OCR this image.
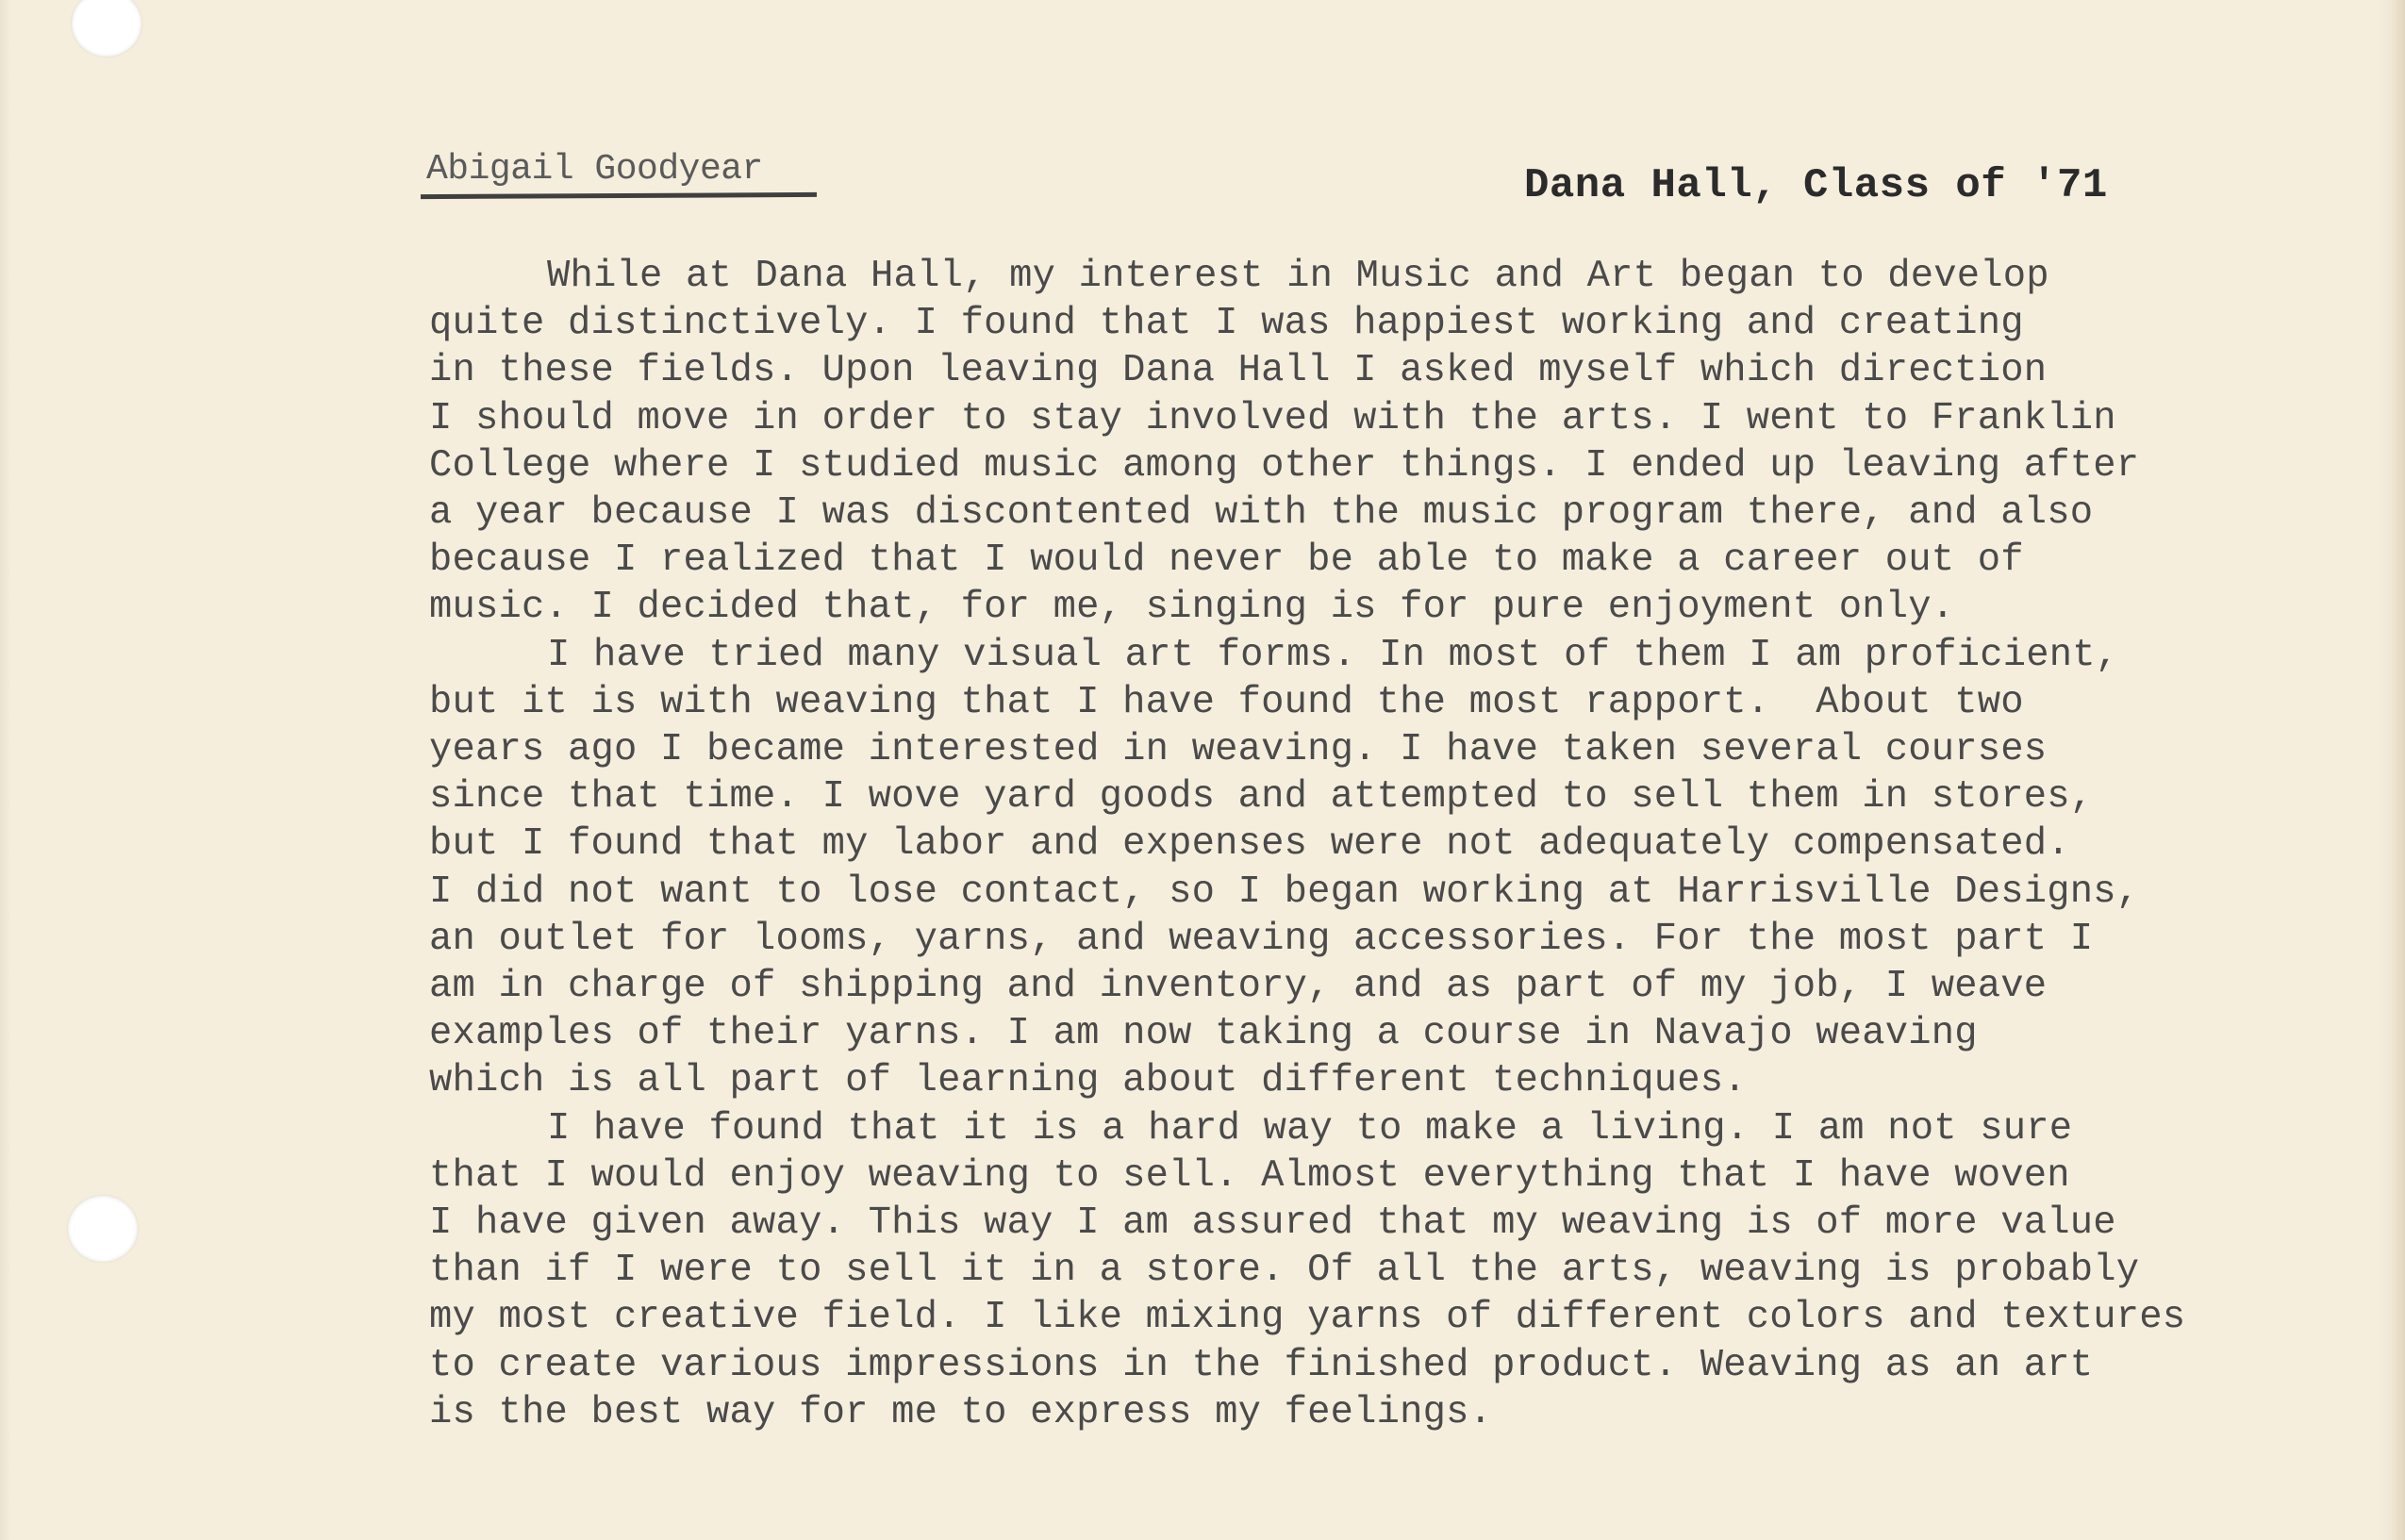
Abigail Goodyear	Dana Hall, Class of '71
While at Dana Hall, my interest in Music and Art began to develop
quite distinctively. I found that I was happiest working and creating
in these fields. Upon leaving Dana Hall I asked myself which direction
I should move in order to stay involved with the arts. I went to Franklin
College where I studied music among other things. I ended up leaving after
a year because I was discontented with the music program there, and also
because I realized that I would never be able to make a career out of
music. I decided that, for me, singing is for pure enjoyment only.
I have tried many visual art forms. In most of them I am proficient,
but it is with weaving that I have found the most rapport.  About two
years ago I became interested in weaving. I have taken several courses
since that time. I wove yard goods and attempted to sell them in stores,
but I found that my labor and expenses were not adequately compensated.
I did not want to lose contact, so I began working at Harrisville Designs,
an outlet for looms, yarns, and weaving accessories. For the most part I
am in charge of shipping and inventory, and as part of my job, I weave
examples of their yarns. I am now taking a course in Navajo weaving
which is all part of learning about different techniques.
I have found that it is a hard way to make a living. I am not sure
that I would enjoy weaving to sell. Almost everything that I have woven
I have given away. This way I am assured that my weaving is of more value
than if I were to sell it in a store. Of all the arts, weaving is probably
my most creative field. I like mixing yarns of different colors and textures
to create various impressions in the finished product. Weaving as an art
is the best way for me to express my feelings.
